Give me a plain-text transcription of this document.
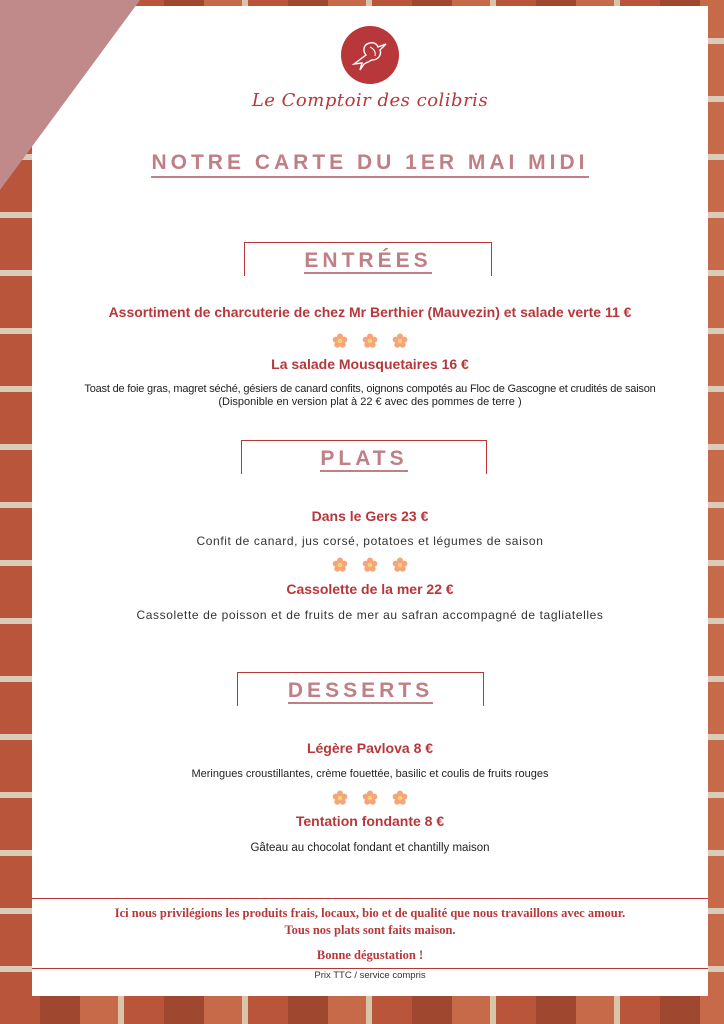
Le Comptoir des colibris
NOTRE CARTE DU 1ER MAI MIDI
ENTRÉES
Assortiment de charcuterie de chez Mr Berthier (Mauvezin) et salade verte 11 €

La salade Mousquetaires 16 €
Toast de foie gras, magret séché, gésiers de canard confits, oignons compotés au Floc de Gascogne et crudités de saison
(Disponible en version plat à 22 € avec des pommes de terre )
PLATS
Dans le Gers 23 €
Confit de canard, jus corsé, potatoes et légumes de saison

Cassolette de la mer 22 €
Cassolette de poisson et de fruits de mer au safran accompagné de tagliatelles
DESSERTS
Légère Pavlova 8 €
Meringues croustillantes, crème fouettée, basilic et coulis de fruits rouges

Tentation fondante 8 €
Gâteau au chocolat fondant et chantilly maison
Ici nous privilégions les produits frais, locaux, bio et de qualité que nous travaillons avec amour.
Tous nos plats sont faits maison.
Bonne dégustation !
Prix TTC / service compris
